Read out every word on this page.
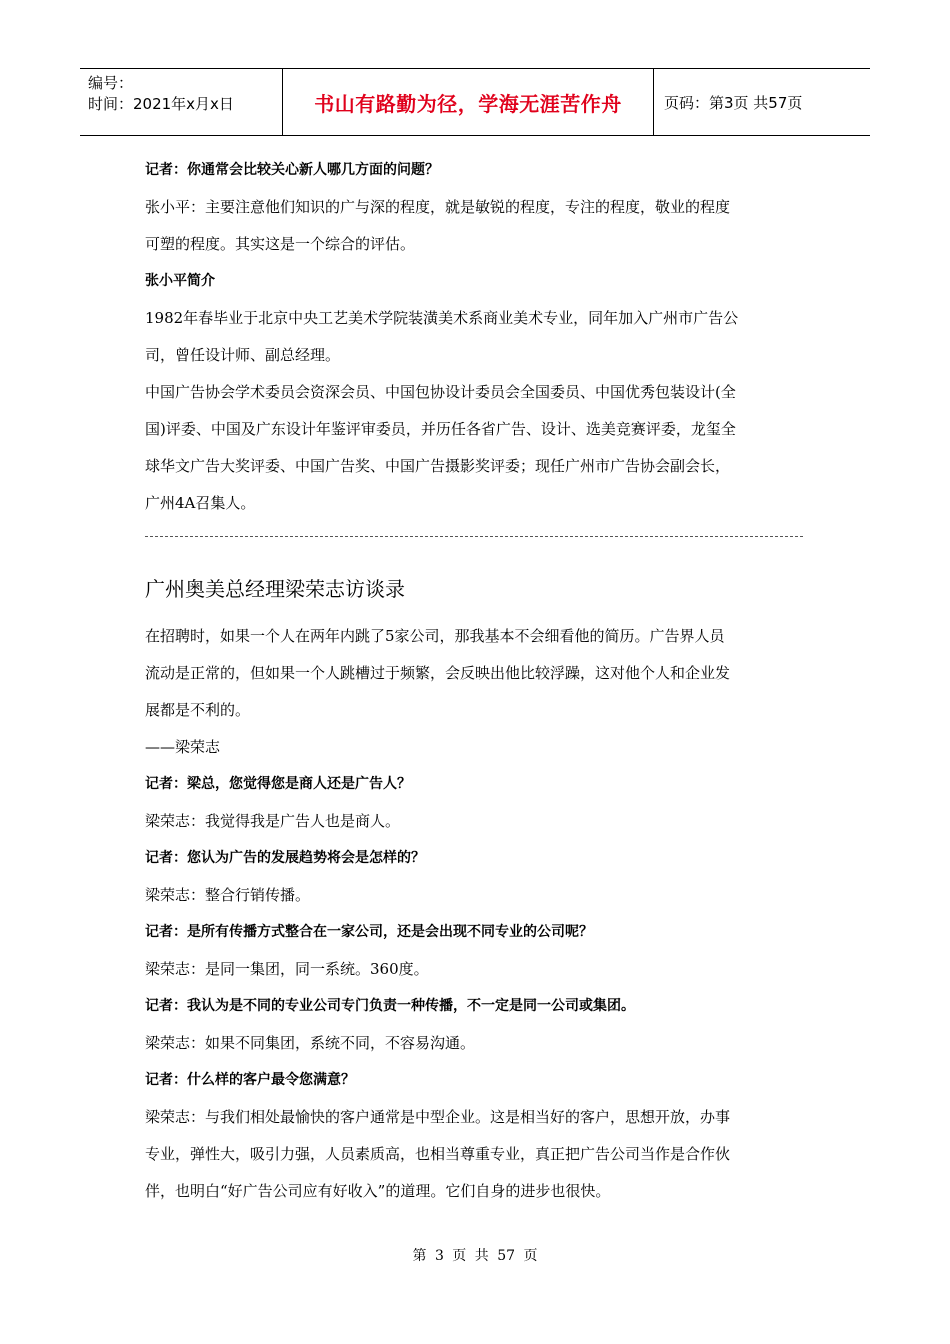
编号：
时间：2021年x月x日	书山有路勤为径，学海无涯苦作舟	页码：第3页 共57页
记者：你通常会比较关心新人哪几方面的问题？
张小平：主要注意他们知识的广与深的程度，就是敏锐的程度，专注的程度，敬业的程度
可塑的程度。其实这是一个综合的评估。
张小平简介
1982年春毕业于北京中央工艺美术学院装潢美术系商业美术专业，同年加入广州市广告公
司，曾任设计师、副总经理。
中国广告协会学术委员会资深会员、中国包协设计委员会全国委员、中国优秀包装设计(全
国)评委、中国及广东设计年鉴评审委员，并历任各省广告、设计、选美竞赛评委，龙玺全
球华文广告大奖评委、中国广告奖、中国广告摄影奖评委；现任广州市广告协会副会长，
广州4A召集人。
广州奥美总经理梁荣志访谈录
在招聘时，如果一个人在两年内跳了5家公司，那我基本不会细看他的简历。广告界人员
流动是正常的，但如果一个人跳槽过于频繁，会反映出他比较浮躁，这对他个人和企业发
展都是不利的。
——梁荣志
记者：梁总，您觉得您是商人还是广告人？
梁荣志：我觉得我是广告人也是商人。
记者：您认为广告的发展趋势将会是怎样的？
梁荣志：整合行销传播。
记者：是所有传播方式整合在一家公司，还是会出现不同专业的公司呢？
梁荣志：是同一集团，同一系统。360度。
记者：我认为是不同的专业公司专门负责一种传播，不一定是同一公司或集团。
梁荣志：如果不同集团，系统不同，不容易沟通。
记者：什么样的客户最令您满意？
梁荣志：与我们相处最愉快的客户通常是中型企业。这是相当好的客户，思想开放，办事
专业，弹性大，吸引力强，人员素质高，也相当尊重专业，真正把广告公司当作是合作伙
伴，也明白“好广告公司应有好收入”的道理。它们自身的进步也很快。
第 3 页 共 57 页
